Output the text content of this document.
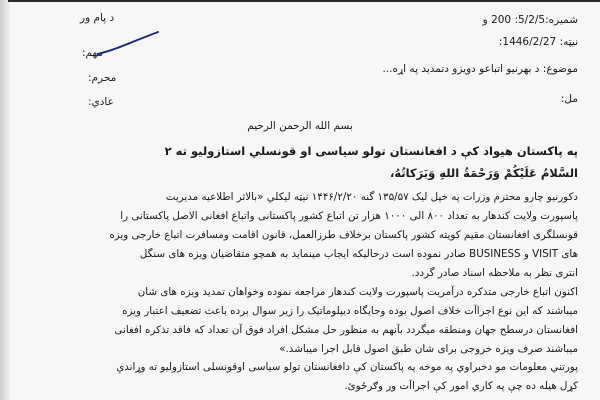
شمیره:5/2/5: 200 و
نیټه: 1446/2/27:
موضوع: د بهرنیو اتباعو دویزو دتمدید په اړه...
مل:
د پام ور
مهم:
محرم:
عادي:
بسم الله الرحمن الرحیم
په پاکستان هیواد کې د افغانستان تولو سیاسی او قونسلي استازولیو ته ۲
السَّلامُ عَلَيْكُمْ وَرَحْمَةُ اللهِ وَبَرَكاتُهُ،
دکورنیو چارو محترم وزرات په خپل لیک ۱۳۵/۵۷ گنه ۱۴۴۶/۲/۲۰ نیټه لیکلي «بالاثر اطلاعیه مدیریت
پاسپورت ولایت کندهار به تعداد ۸۰۰ الی ۱۰۰۰ هزار تن اتباع کشور پاکستانی واتباع افغانی الاصل پاکستانی را
قونسلگری افغانستان مقیم کویته کشور پاکستان برخلاف طرزالعمل، قانون اقامت ومسافرت اتباع خارجی ویزه
های VISIT و BUSINESS صادر نموده است درحالیکه ایجاب مینماید به همچو متقاضیان ویزه های سنگل
انتری نظر به ملاحظه اسناد صادر گردد.
اکنون اتباع خارجی متذکره درآمریت پاسپورت ولایت کندهار مراجعه نموده وخواهان تمدید ویزه های شان
میباشند که این نوع اجراآت خلاف اصول بوده وجایگاه دیپلوماتیک را زیر سوال برده باعث تضعیف اعتبار ویزه
افغانستان درسطح جهان ومنطقه میگردد بآنهم به منظور حل مشکل افراد فوق آن تعداد که فاقد تذکره افغانی
میباشند صرف ویزه خروجی برای شان طبق اصول قابل اجرا میباشد.»
پورتني معلومات مو دخبراوي په موخه په پاکستان کې دافغانستان تولو سیاسی اوقونسلی استازولیو ته وړاندې
کړل هیله ده چې په کاري امور کې اجراآت ور وګرځوئ.
